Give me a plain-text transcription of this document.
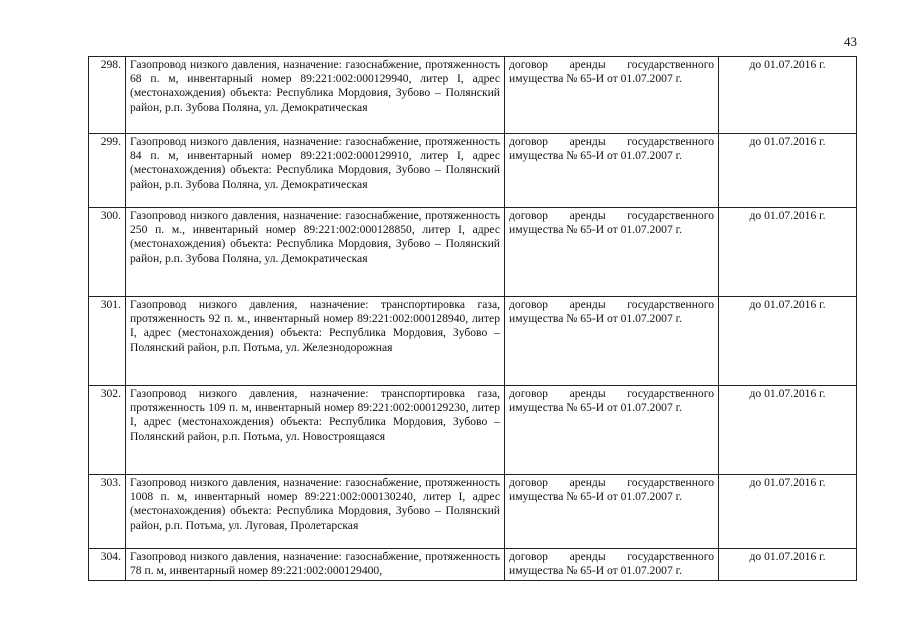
43
298.	Газопровод низкого давления, назначение: газоснабжение, протяженность 68 п. м, инвентарный номер 89:221:002:000129940, литер I, адрес (местонахождения) объекта: Республика Мордовия, Зубово – Полянский район, р.п. Зубова Поляна, ул. Демократическая	договор аренды государственного имущества № 65-И от 01.07.2007 г.	до 01.07.2016 г.
299.	Газопровод низкого давления, назначение: газоснабжение, протяженность 84 п. м, инвентарный номер 89:221:002:000129910, литер I, адрес (местонахождения) объекта: Республика Мордовия, Зубово – Полянский район, р.п. Зубова Поляна, ул. Демократическая	договор аренды государственного имущества № 65-И от 01.07.2007 г.	до 01.07.2016 г.
300.	Газопровод низкого давления, назначение: газоснабжение, протяженность 250 п. м., инвентарный номер 89:221:002:000128850, литер I, адрес (местонахождения) объекта: Республика Мордовия, Зубово – Полянский район, р.п. Зубова Поляна, ул. Демократическая	договор аренды государственного имущества № 65-И от 01.07.2007 г.	до 01.07.2016 г.
301.	Газопровод низкого давления, назначение: транспортировка газа, протяженность 92 п. м., инвентарный номер 89:221:002:000128940, литер I, адрес (местонахождения) объекта: Республика Мордовия, Зубово – Полянский район, р.п. Потьма, ул. Железнодорожная	договор аренды государственного имущества № 65-И от 01.07.2007 г.	до 01.07.2016 г.
302.	Газопровод низкого давления, назначение: транспортировка газа, протяженность 109 п. м, инвентарный номер 89:221:002:000129230, литер I, адрес (местонахождения) объекта: Республика Мордовия, Зубово – Полянский район, р.п. Потьма, ул. Новостроящаяся	договор аренды государственного имущества № 65-И от 01.07.2007 г.	до 01.07.2016 г.
303.	Газопровод низкого давления, назначение: газоснабжение, протяженность 1008 п. м, инвентарный номер 89:221:002:000130240, литер I, адрес (местонахождения) объекта: Республика Мордовия, Зубово – Полянский район, р.п. Потьма, ул. Луговая, Пролетарская	договор аренды государственного имущества № 65-И от 01.07.2007 г.	до 01.07.2016 г.
304.	Газопровод низкого давления, назначение: газоснабжение, протяженность 78 п. м, инвентарный номер 89:221:002:000129400,	договор аренды государственного имущества № 65-И от 01.07.2007 г.	до 01.07.2016 г.
